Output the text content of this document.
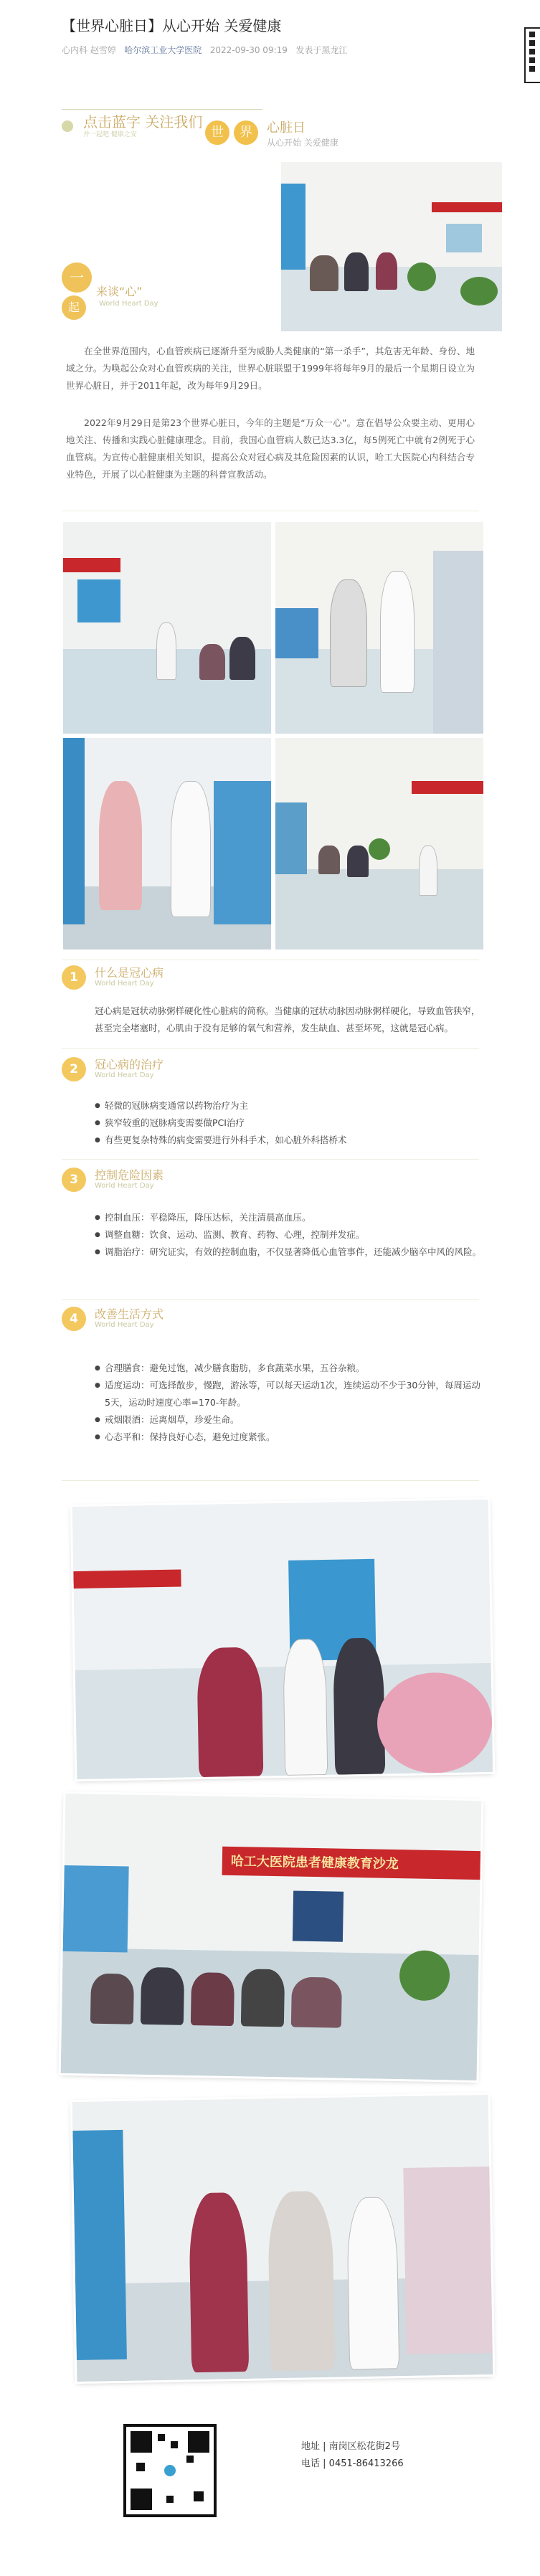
【世界心脏日】从心开始 关爱健康
心内科 赵雪婷 哈尔滨工业大学医院 2022-09-30 09:19 发表于黑龙江
点击蓝字 关注我们
并一起吧 健康之安	世	界	心脏日
从心开始 关爱健康
一
起
来谈“心”
World Heart Day
在全世界范围内，心血管疾病已逐渐升至为威胁人类健康的“第一杀手”，其危害无年龄、身份、地域之分。为唤起公众对心血管疾病的关注，世界心脏联盟于1999年将每年9月的最后一个星期日设立为世界心脏日，并于2011年起，改为每年9月29日。
2022年9月29日是第23个世界心脏日，今年的主题是“万众一心”。意在倡导公众要主动、更用心地关注、传播和实践心脏健康理念。目前，我国心血管病人数已达3.3亿，每5例死亡中就有2例死于心血管病。为宣传心脏健康相关知识，提高公众对冠心病及其危险因素的认识，哈工大医院心内科结合专业特色，开展了以心脏健康为主题的科普宣教活动。
1	什么是冠心病
World Heart Day
冠心病是冠状动脉粥样硬化性心脏病的简称。当健康的冠状动脉因动脉粥样硬化，导致血管狭窄，甚至完全堵塞时，心肌由于没有足够的氧气和营养，发生缺血、甚至坏死，这就是冠心病。
2	冠心病的治疗
World Heart Day
● 轻微的冠脉病变通常以药物治疗为主
● 狭窄较重的冠脉病变需要做PCI治疗
● 有些更复杂特殊的病变需要进行外科手术，如心脏外科搭桥术
3	控制危险因素
World Heart Day
● 控制血压：平稳降压，降压达标，关注清晨高血压。
● 调整血糖：饮食、运动、监测、教育、药物、心理，控制并发症。
● 调脂治疗：研究证实，有效的控制血脂，不仅显著降低心血管事件，还能减少脑卒中风的风险。
4	改善生活方式
World Heart Day
● 合理膳食：避免过饱，减少膳食脂肪，多食蔬菜水果，五谷杂粮。
● 适度运动：可选择散步，慢跑，游泳等，可以每天运动1次，连续运动不少于30分钟，每周运动5天，运动时速度心率=170-年龄。
● 戒烟限酒：远离烟草，珍爱生命。
● 心态平和：保持良好心态，避免过度紧张。
哈工大医院患者健康教育沙龙
地址 | 南岗区松花街2号
电话 | 0451-86413266
